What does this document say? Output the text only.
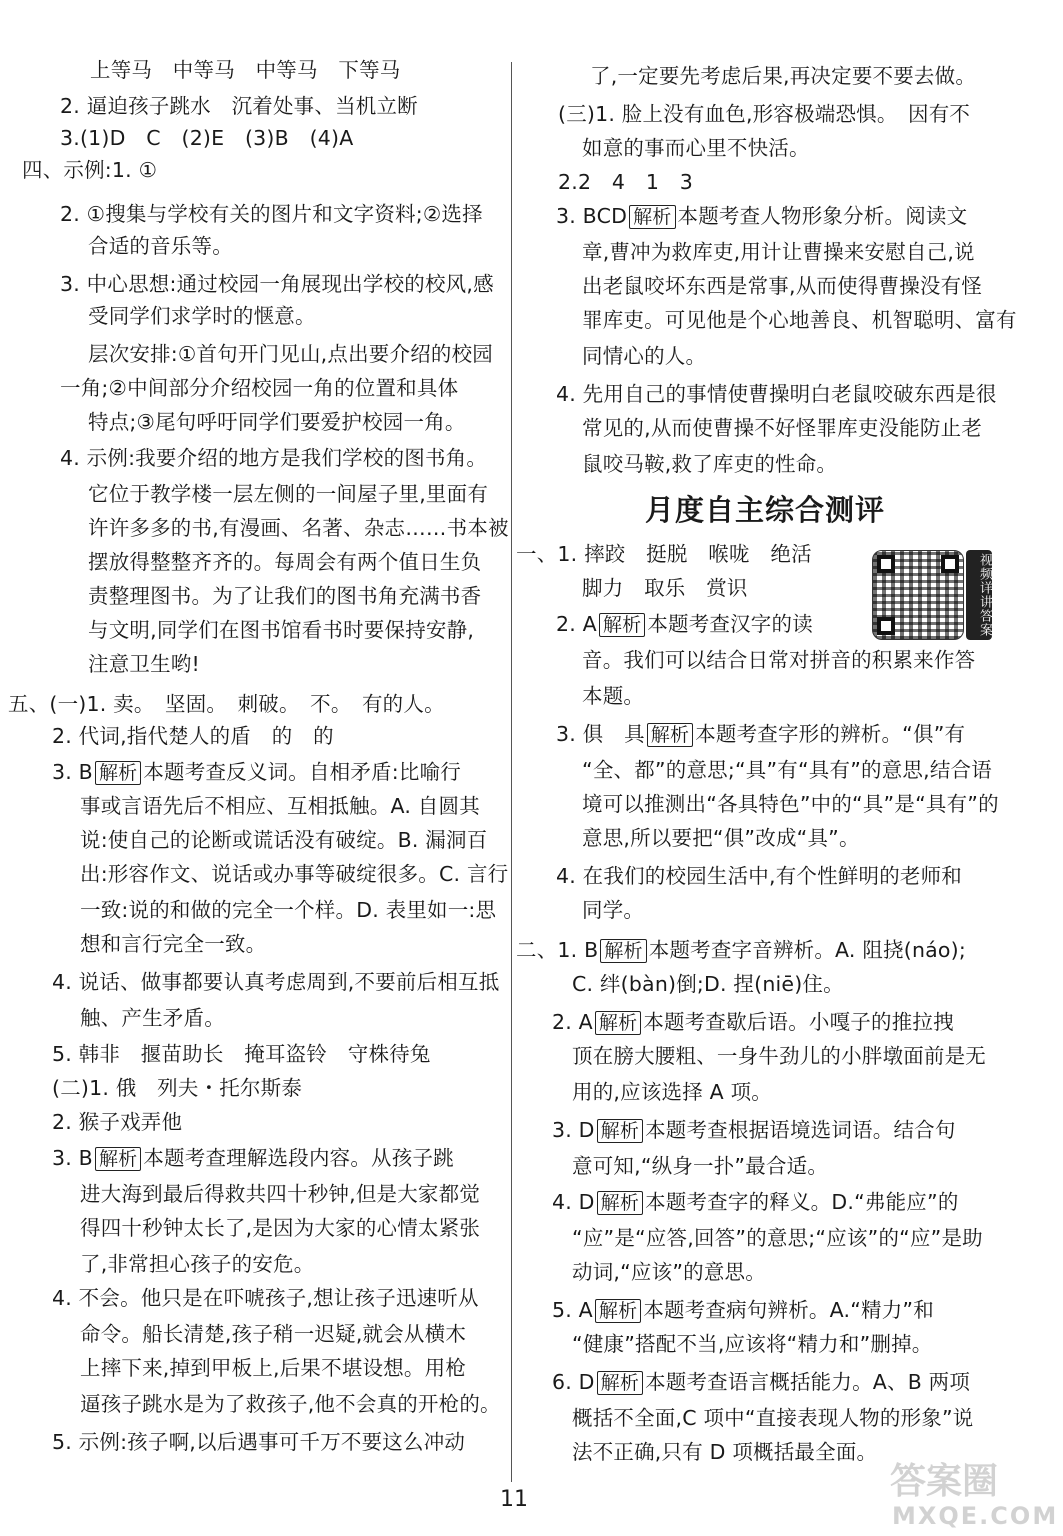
上等马　中等马　中等马　下等马
2. 逼迫孩子跳水　沉着处事、当机立断
3.(1)D　C　(2)E　(3)B　(4)A
四、示例:1. ①
2. ①搜集与学校有关的图片和文字资料;②选择
合适的音乐等。
3. 中心思想:通过校园一角展现出学校的校风,感
受同学们求学时的惬意。
层次安排:①首句开门见山,点出要介绍的校园
一角;②中间部分介绍校园一角的位置和具体
特点;③尾句呼吁同学们要爱护校园一角。
4. 示例:我要介绍的地方是我们学校的图书角。
它位于教学楼一层左侧的一间屋子里,里面有
许许多多的书,有漫画、名著、杂志……书本被
摆放得整整齐齐的。每周会有两个值日生负
责整理图书。为了让我们的图书角充满书香
与文明,同学们在图书馆看书时要保持安静,
注意卫生哟!
五、(一)1. 卖。　坚固。　刺破。　不。　有的人。
2. 代词,指代楚人的盾　的　的
3. B 解析 本题考查反义词。自相矛盾:比喻行
事或言语先后不相应、互相抵触。A. 自圆其
说:使自己的论断或谎话没有破绽。B. 漏洞百
出:形容作文、说话或办事等破绽很多。C. 言行
一致:说的和做的完全一个样。D. 表里如一:思
想和言行完全一致。
4. 说话、做事都要认真考虑周到,不要前后相互抵
触、产生矛盾。
5. 韩非　揠苗助长　掩耳盗铃　守株待兔
(二)1. 俄　列夫・托尔斯泰
2. 猴子戏弄他
3. B 解析 本题考查理解选段内容。从孩子跳
进大海到最后得救共四十秒钟,但是大家都觉
得四十秒钟太长了,是因为大家的心情太紧张
了,非常担心孩子的安危。
4. 不会。他只是在吓唬孩子,想让孩子迅速听从
命令。船长清楚,孩子稍一迟疑,就会从横木
上摔下来,掉到甲板上,后果不堪设想。用枪
逼孩子跳水是为了救孩子,他不会真的开枪的。
5. 示例:孩子啊,以后遇事可千万不要这么冲动
了,一定要先考虑后果,再决定要不要去做。
(三)1. 脸上没有血色,形容极端恐惧。　因有不
如意的事而心里不快活。
2.2　4　1　3
3. BCD 解析 本题考查人物形象分析。阅读文
章,曹冲为救库吏,用计让曹操来安慰自己,说
出老鼠咬坏东西是常事,从而使得曹操没有怪
罪库吏。可见他是个心地善良、机智聪明、富有
同情心的人。
4. 先用自己的事情使曹操明白老鼠咬破东西是很
常见的,从而使曹操不好怪罪库吏没能防止老
鼠咬马鞍,救了库吏的性命。
一、1. 摔跤　挺脱　喉咙　绝活
脚力　取乐　赏识
2. A 解析 本题考查汉字的读
音。我们可以结合日常对拼音的积累来作答
本题。
3. 俱　具 解析 本题考查字形的辨析。“俱”有
“全、都”的意思;“具”有“具有”的意思,结合语
境可以推测出“各具特色”中的“具”是“具有”的
意思,所以要把“俱”改成“具”。
4. 在我们的校园生活中,有个性鲜明的老师和
同学。
二、1. B 解析 本题考查字音辨析。A. 阻挠(náo);
C. 绊(bàn)倒;D. 捏(niē)住。
2. A 解析 本题考查歇后语。小嘎子的推拉拽
顶在膀大腰粗、一身牛劲儿的小胖墩面前是无
用的,应该选择 A 项。
3. D 解析 本题考查根据语境选词语。结合句
意可知,“纵身一扑”最合适。
4. D 解析 本题考查字的释义。D.“弗能应”的
“应”是“应答,回答”的意思;“应该”的“应”是助
动词,“应该”的意思。
5. A 解析 本题考查病句辨析。A.“精力”和
“健康”搭配不当,应该将“精力和”删掉。
6. D 解析 本题考查语言概括能力。A、B 两项
概括不全面,C 项中“直接表现人物的形象”说
法不正确,只有 D 项概括最全面。
月度自主综合测评
视频详讲答案
11	答案圈
MXQE.COM
